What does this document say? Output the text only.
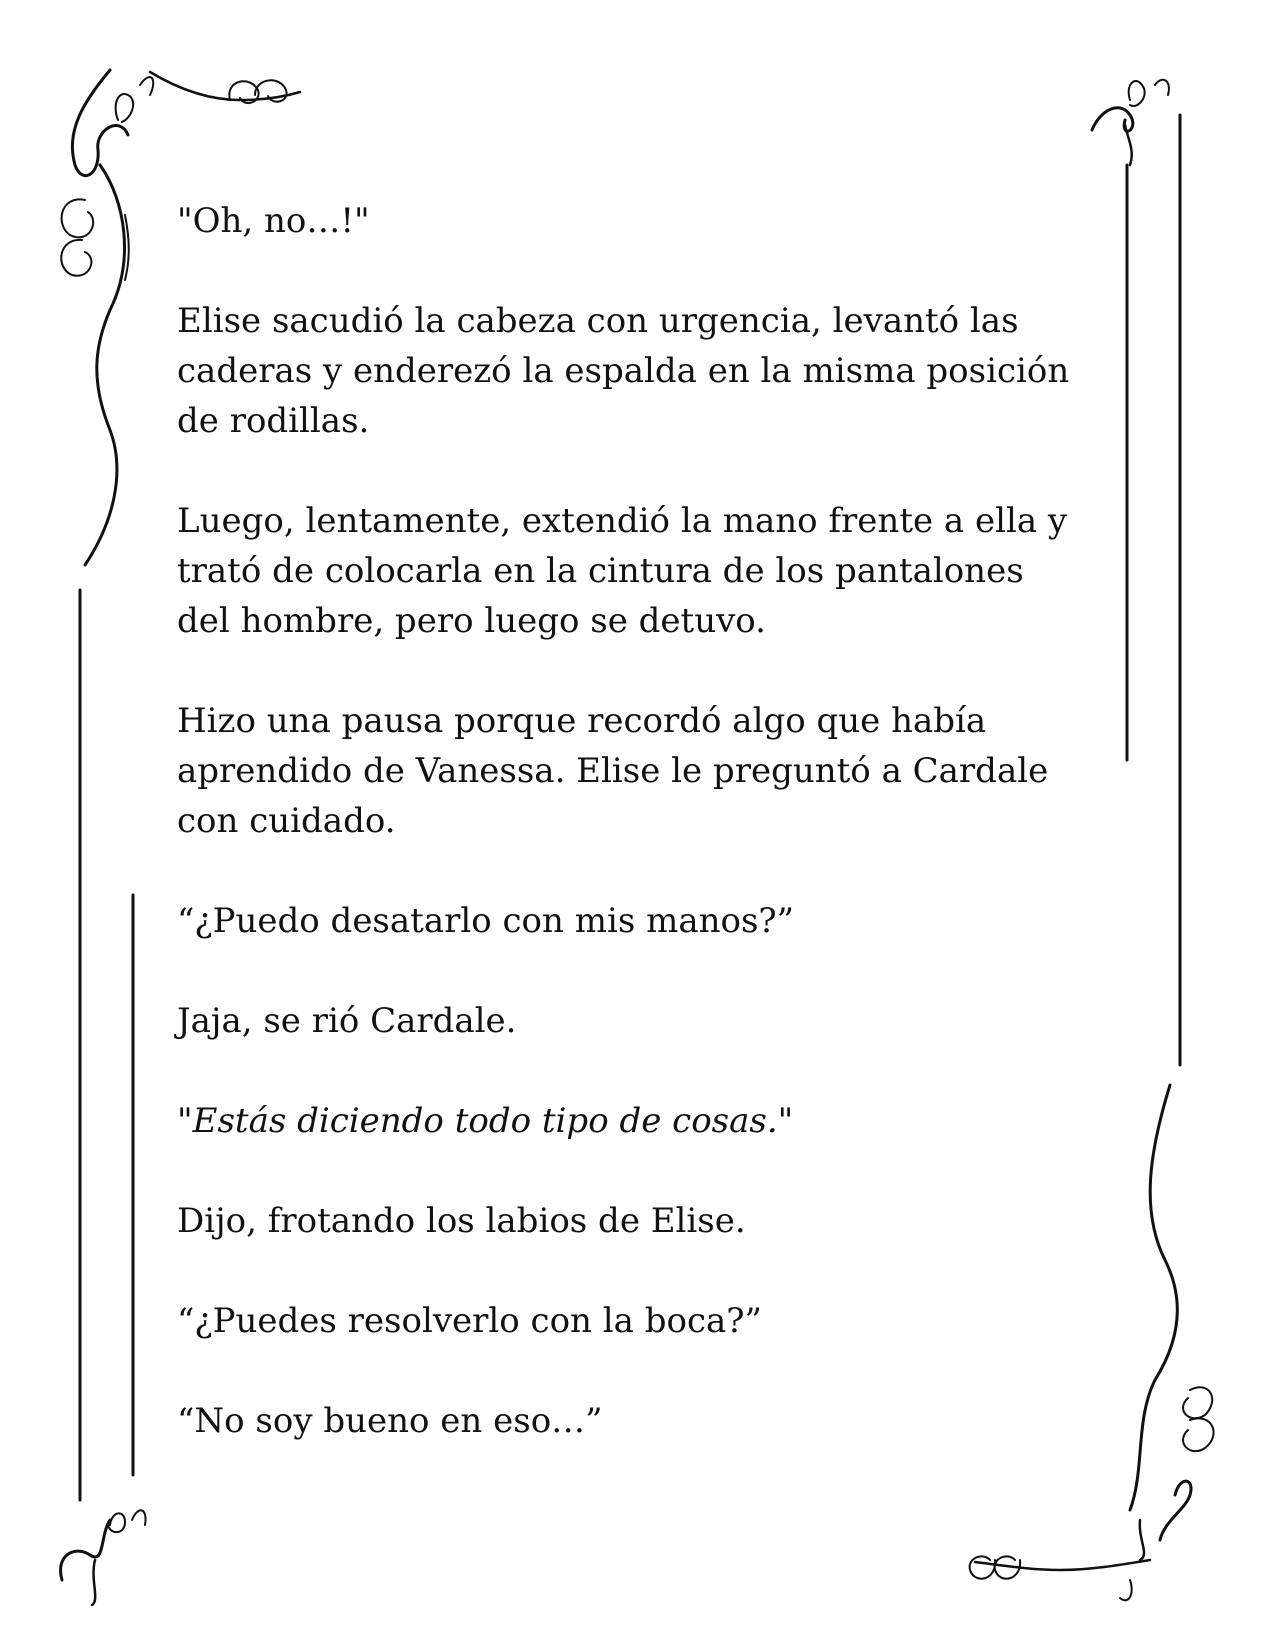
"Oh, no…!"

Elise sacudió la cabeza con urgencia, levantó las caderas y enderezó la espalda en la misma posición de rodillas.

Luego, lentamente, extendió la mano frente a ella y trató de colocarla en la cintura de los pantalones del hombre, pero luego se detuvo.

Hizo una pausa porque recordó algo que había aprendido de Vanessa. Elise le preguntó a Cardale con cuidado.

“¿Puedo desatarlo con mis manos?”

Jaja, se rió Cardale.

"Estás diciendo todo tipo de cosas."

Dijo, frotando los labios de Elise.

“¿Puedes resolverlo con la boca?”

“No soy bueno en eso…”
